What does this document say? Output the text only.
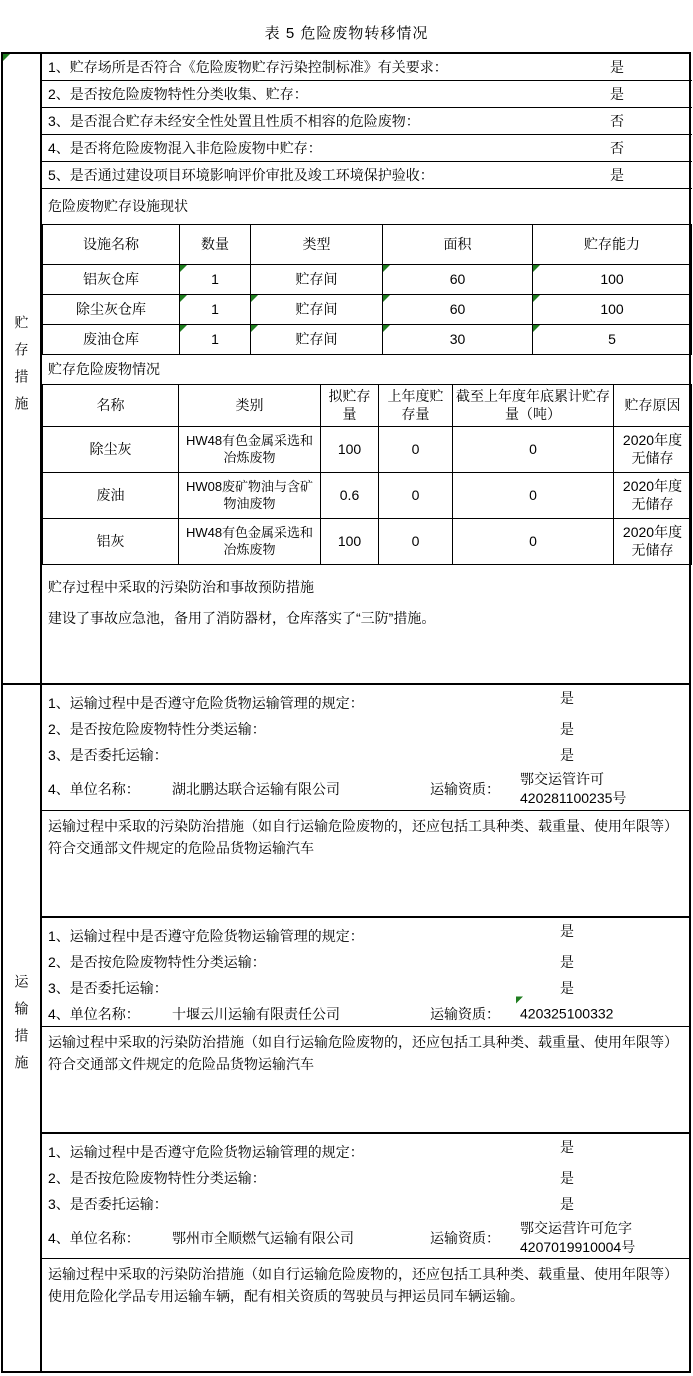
表 5 危险废物转移情况
贮存措施
1、贮存场所是否符合《危险废物贮存污染控制标准》有关要求：	是
2、是否按危险废物特性分类收集、贮存：	是
3、是否混合贮存未经安全性处置且性质不相容的危险废物：	否
4、是否将危险废物混入非危险废物中贮存：	否
5、是否通过建设项目环境影响评价审批及竣工环境保护验收：	是
危险废物贮存设施现状
设施名称	数量	类型	面积	贮存能力
铝灰仓库	1	贮存间	60	100
除尘灰仓库	1	贮存间	60	100
废油仓库	1	贮存间	30	5
贮存危险废物情况
名称	类别	拟贮存量	上年度贮存量	截至上年度年底累计贮存量（吨）	贮存原因
除尘灰	HW48有色金属采选和冶炼废物	100	0	0	2020年度无储存
废油	HW08废矿物油与含矿物油废物	0.6	0	0	2020年度无储存
铝灰	HW48有色金属采选和冶炼废物	100	0	0	2020年度无储存
贮存过程中采取的污染防治和事故预防措施
建设了事故应急池，备用了消防器材，仓库落实了“三防”措施。
运输措施
1、运输过程中是否遵守危险货物运输管理的规定：	是
2、是否按危险废物特性分类运输：	是
3、是否委托运输：	是
4、单位名称： 湖北鹏达联合运输有限公司	运输资质：
鄂交运管许可
420281100235号
运输过程中采取的污染防治措施（如自行运输危险废物的，还应包括工具种类、载重量、使用年限等）
符合交通部文件规定的危险品货物运输汽车
1、运输过程中是否遵守危险货物运输管理的规定：	是
2、是否按危险废物特性分类运输：	是
3、是否委托运输：	是
4、单位名称： 十堰云川运输有限责任公司	运输资质： 420325100332
运输过程中采取的污染防治措施（如自行运输危险废物的，还应包括工具种类、载重量、使用年限等）
符合交通部文件规定的危险品货物运输汽车
1、运输过程中是否遵守危险货物运输管理的规定：	是
2、是否按危险废物特性分类运输：	是
3、是否委托运输：	是
4、单位名称： 鄂州市全顺燃气运输有限公司	运输资质：
鄂交运营许可危字
4207019910004号
运输过程中采取的污染防治措施（如自行运输危险废物的，还应包括工具种类、载重量、使用年限等）
使用危险化学品专用运输车辆，配有相关资质的驾驶员与押运员同车辆运输。
